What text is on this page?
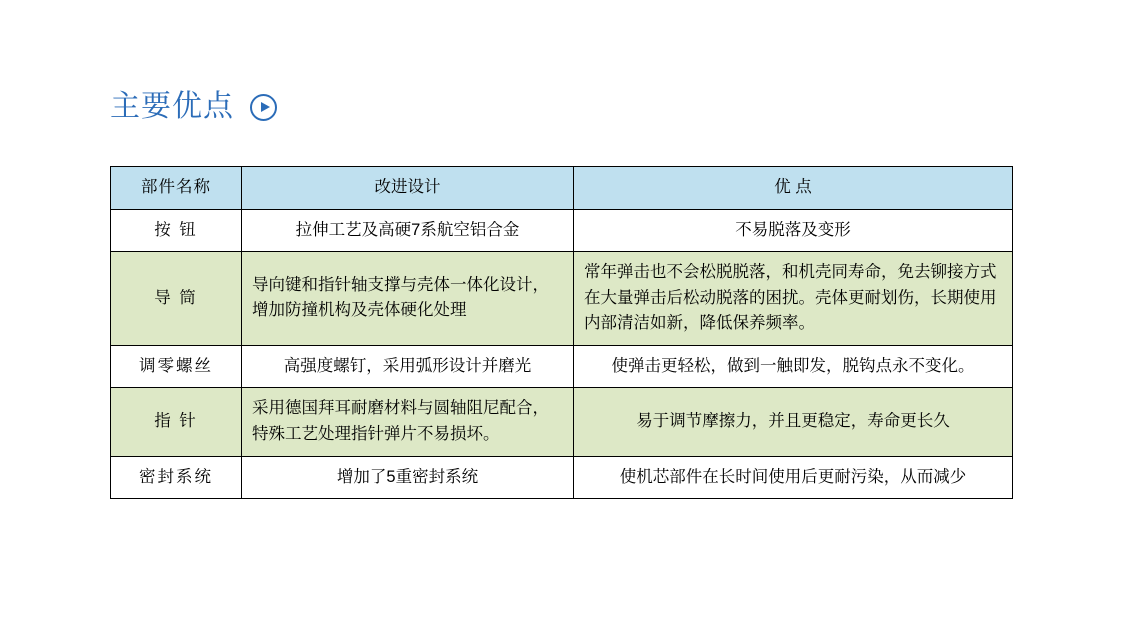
主要优点
部件名称	改进设计	优 点
按 钮	拉伸工艺及高硬7系航空铝合金	不易脱落及变形
导 筒	导向键和指针轴支撑与壳体一体化设计，增加防撞机构及壳体硬化处理	常年弹击也不会松脱脱落，和机壳同寿命，免去铆接方式在大量弹击后松动脱落的困扰。壳体更耐划伤，长期使用内部清洁如新，降低保养频率。
调零螺丝	高强度螺钉，采用弧形设计并磨光	使弹击更轻松，做到一触即发，脱钩点永不变化。
指 针	采用德国拜耳耐磨材料与圆轴阻尼配合，特殊工艺处理指针弹片不易损坏。	易于调节摩擦力，并且更稳定，寿命更长久
密封系统	增加了5重密封系统	使机芯部件在长时间使用后更耐污染，从而减少
